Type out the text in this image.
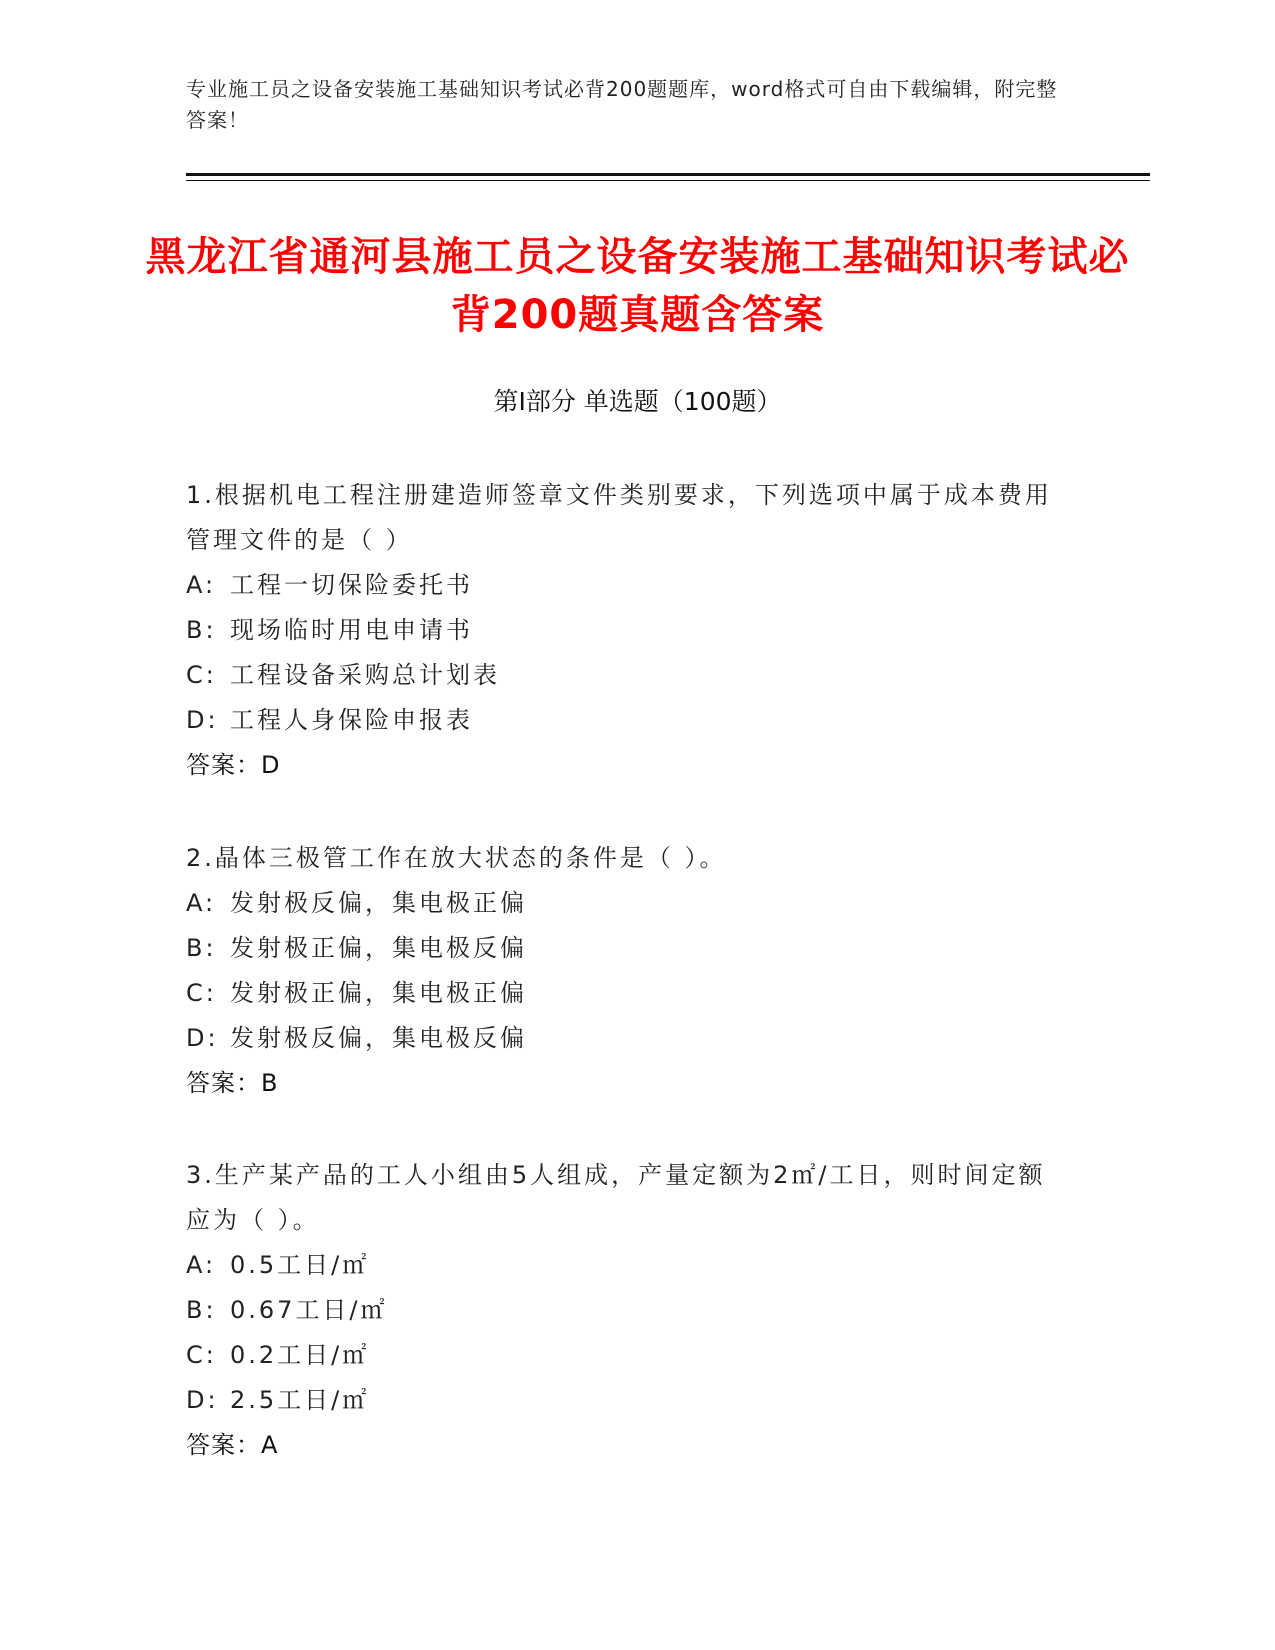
专业施工员之设备安装施工基础知识考试必背200题题库，word格式可自由下载编辑，附完整答案！
黑龙江省通河县施工员之设备安装施工基础知识考试必背200题真题含答案
第Ⅰ部分 单选题（100题）
1.根据机电工程注册建造师签章文件类别要求，下列选项中属于成本费用管理文件的是（ ）
A: 工程一切保险委托书
B: 现场临时用电申请书
C: 工程设备采购总计划表
D: 工程人身保险申报表
答案：D
2.晶体三极管工作在放大状态的条件是（ ）。
A: 发射极反偏，集电极正偏
B: 发射极正偏，集电极反偏
C: 发射极正偏，集电极正偏
D: 发射极反偏，集电极反偏
答案：B
3.生产某产品的工人小组由5人组成，产量定额为2㎡/工日，则时间定额应为（ ）。
A: 0.5工日/㎡
B: 0.67工日/㎡
C: 0.2工日/㎡
D: 2.5工日/㎡
答案：A
